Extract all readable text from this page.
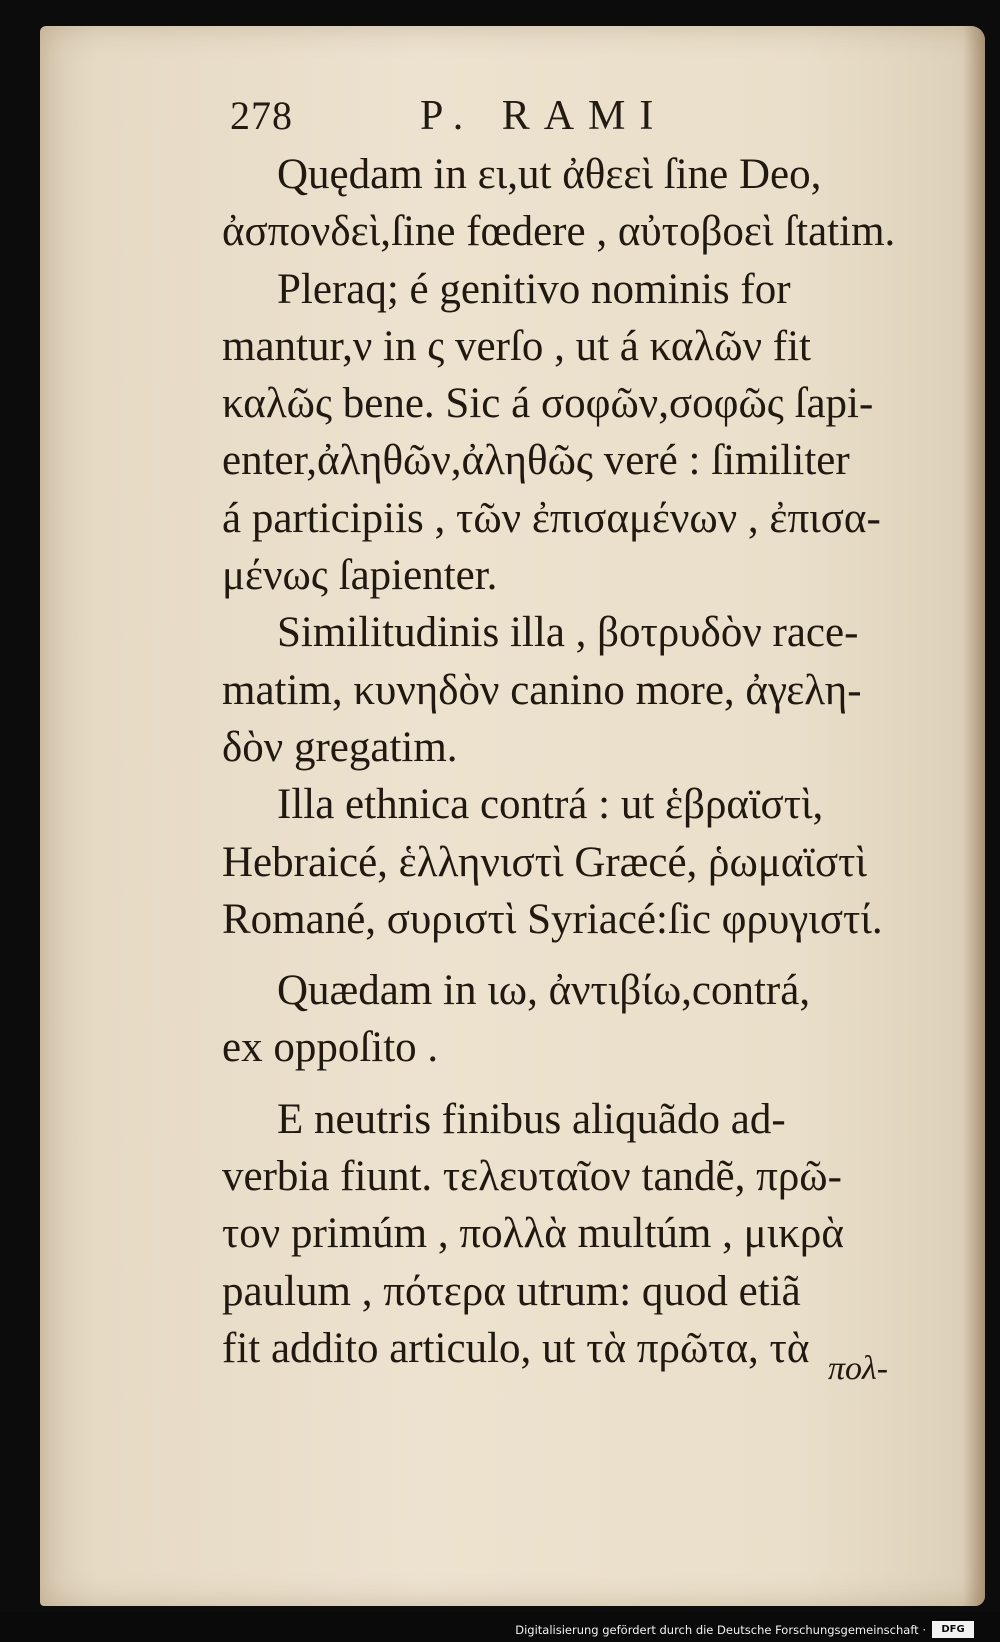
278	P. RAMI
Quędam in ει,ut ἀθεεὶ ſine Deo,
ἀσπονδεὶ,ſine fœdere , αὐτοβοεὶ ſtatim.
Pleraq; é genitivo nominis for
mantur,ν in ς verſo , ut á καλῶν fit
καλῶς bene. Sic á σοφῶν,σοφῶς ſapi-
enter,ἀληθῶν,ἀληθῶς veré : ſimiliter
á participiis , τῶν ἐπισαμένων , ἐπισα-
μένως ſapienter.
Similitudinis illa , βοτρυδὸν race-
matim, κυνηδὸν canino more, ἀγελη-
δὸν gregatim.
Illa ethnica contrá : ut ἑβραϊστὶ,
Hebraicé, ἑλληνιστὶ Græcé, ῥωμαϊστὶ
Romané, συριστὶ Syriacé:ſic φρυγιστί.
Quædam in ιω, ἀντιβίω,contrá,
ex oppoſito .
E neutris finibus aliquãdo ad-
verbia fiunt. τελευταῖον tandẽ, πρῶ-
τον primúm , πολλὰ multúm , μικρὰ
paulum , πότερα utrum: quod etiã
fit addito articulo, ut τὰ πρῶτα, τὰ πολ-
Digitalisierung gefördert durch die Deutsche Forschungsgemeinschaft ·	DFG
